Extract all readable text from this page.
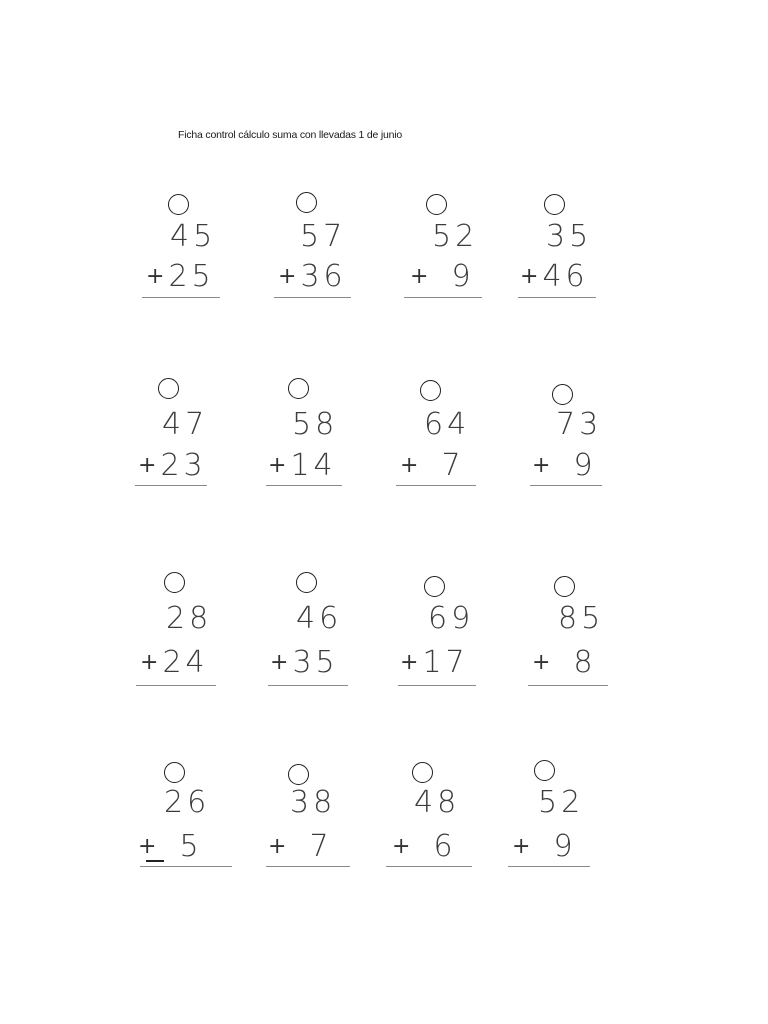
Ficha control cálculo suma con llevadas 1 de junio
45
+ 25
57
+ 36
52
+ 9
35
+ 46
47
+ 23
58
+ 14
64
+ 7
73
+ 9
28
+ 24
46
+ 35
69
+ 17
85
+ 8
26
+ 5
38
+ 7
48
+ 6
52
+ 9
